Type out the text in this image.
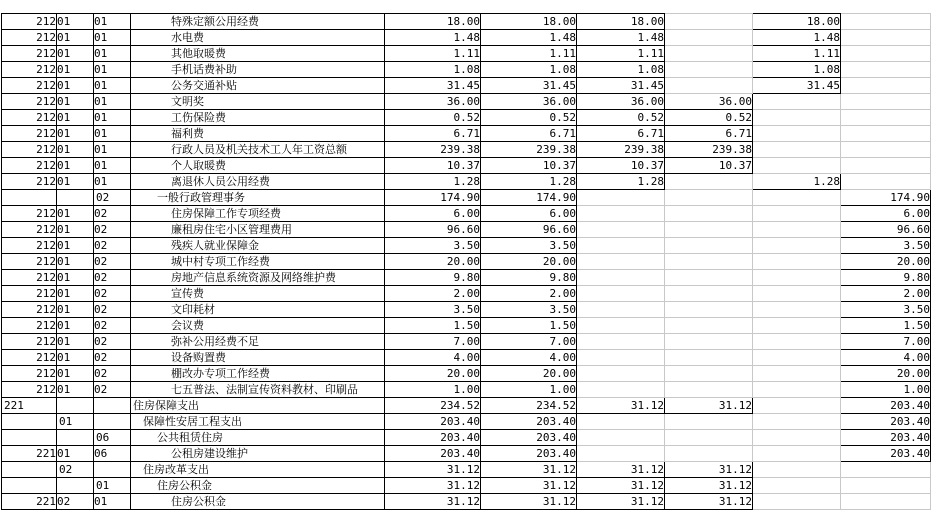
212	01	01	特殊定额公用经费	18.00	18.00	18.00		18.00	
212	01	01	水电费	1.48	1.48	1.48		1.48	
212	01	01	其他取暖费	1.11	1.11	1.11		1.11	
212	01	01	手机话费补助	1.08	1.08	1.08		1.08	
212	01	01	公务交通补贴	31.45	31.45	31.45		31.45	
212	01	01	文明奖	36.00	36.00	36.00	36.00		
212	01	01	工伤保险费	0.52	0.52	0.52	0.52		
212	01	01	福利费	6.71	6.71	6.71	6.71		
212	01	01	行政人员及机关技术工人年工资总额	239.38	239.38	239.38	239.38		
212	01	01	个人取暖费	10.37	10.37	10.37	10.37		
212	01	01	离退休人员公用经费	1.28	1.28	1.28		1.28	
		02	一般行政管理事务	174.90	174.90				174.90
212	01	02	住房保障工作专项经费	6.00	6.00				6.00
212	01	02	廉租房住宅小区管理费用	96.60	96.60				96.60
212	01	02	残疾人就业保障金	3.50	3.50				3.50
212	01	02	城中村专项工作经费	20.00	20.00				20.00
212	01	02	房地产信息系统资源及网络维护费	9.80	9.80				9.80
212	01	02	宣传费	2.00	2.00				2.00
212	01	02	文印耗材	3.50	3.50				3.50
212	01	02	会议费	1.50	1.50				1.50
212	01	02	弥补公用经费不足	7.00	7.00				7.00
212	01	02	设备购置费	4.00	4.00				4.00
212	01	02	棚改办专项工作经费	20.00	20.00				20.00
212	01	02	七五普法、法制宣传资料教材、印刷品	1.00	1.00				1.00
221			住房保障支出	234.52	234.52	31.12	31.12		203.40
	01		保障性安居工程支出	203.40	203.40				203.40
		06	公共租赁住房	203.40	203.40				203.40
221	01	06	公租房建设维护	203.40	203.40				203.40
	02		住房改革支出	31.12	31.12	31.12	31.12		
		01	住房公积金	31.12	31.12	31.12	31.12		
221	02	01	住房公积金	31.12	31.12	31.12	31.12		
